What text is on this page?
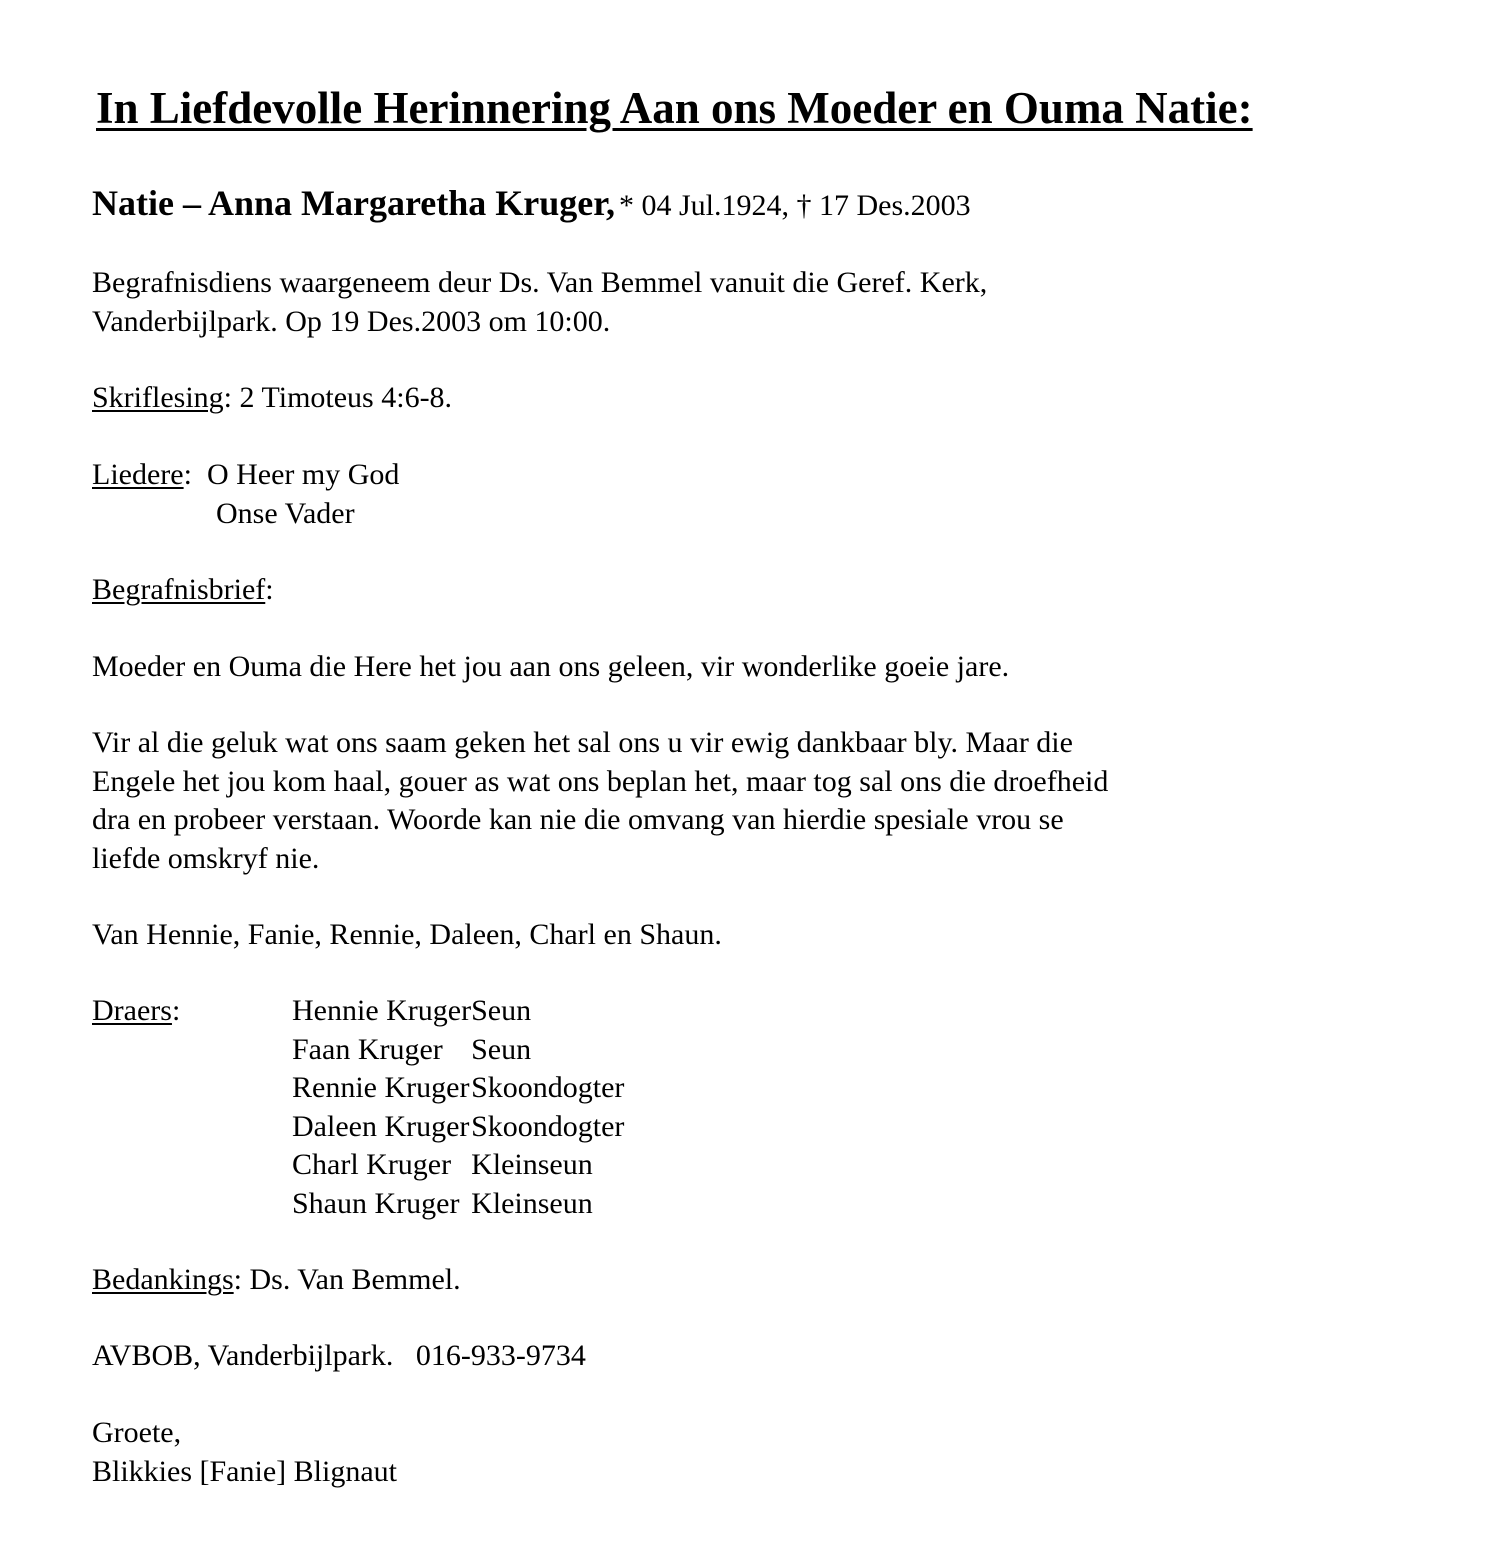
In Liefdevolle Herinnering Aan ons Moeder en Ouma Natie:
Natie – Anna Margaretha Kruger, * 04 Jul.1924, † 17 Des.2003
Begrafnisdiens waargeneem deur Ds. Van Bemmel vanuit die Geref. Kerk,
Vanderbijlpark. Op 19 Des.2003 om 10:00.
Skriflesing: 2 Timoteus 4:6-8.
Liedere:  O Heer my God
Onse Vader
Begrafnisbrief:
Moeder en Ouma die Here het jou aan ons geleen, vir wonderlike goeie jare.
Vir al die geluk wat ons saam geken het sal ons u vir ewig dankbaar bly. Maar die
Engele het jou kom haal, gouer as wat ons beplan het, maar tog sal ons die droefheid
dra en probeer verstaan. Woorde kan nie die omvang van hierdie spesiale vrou se
liefde omskryf nie.
Van Hennie, Fanie, Rennie, Daleen, Charl en Shaun.
Draers:	Hennie Kruger	Seun
Faan Kruger	Seun
Rennie Kruger	Skoondogter
Daleen Kruger	Skoondogter
Charl Kruger	Kleinseun
Shaun Kruger	Kleinseun
Bedankings: Ds. Van Bemmel.
AVBOB, Vanderbijlpark.   016-933-9734
Groete,
Blikkies [Fanie] Blignaut
